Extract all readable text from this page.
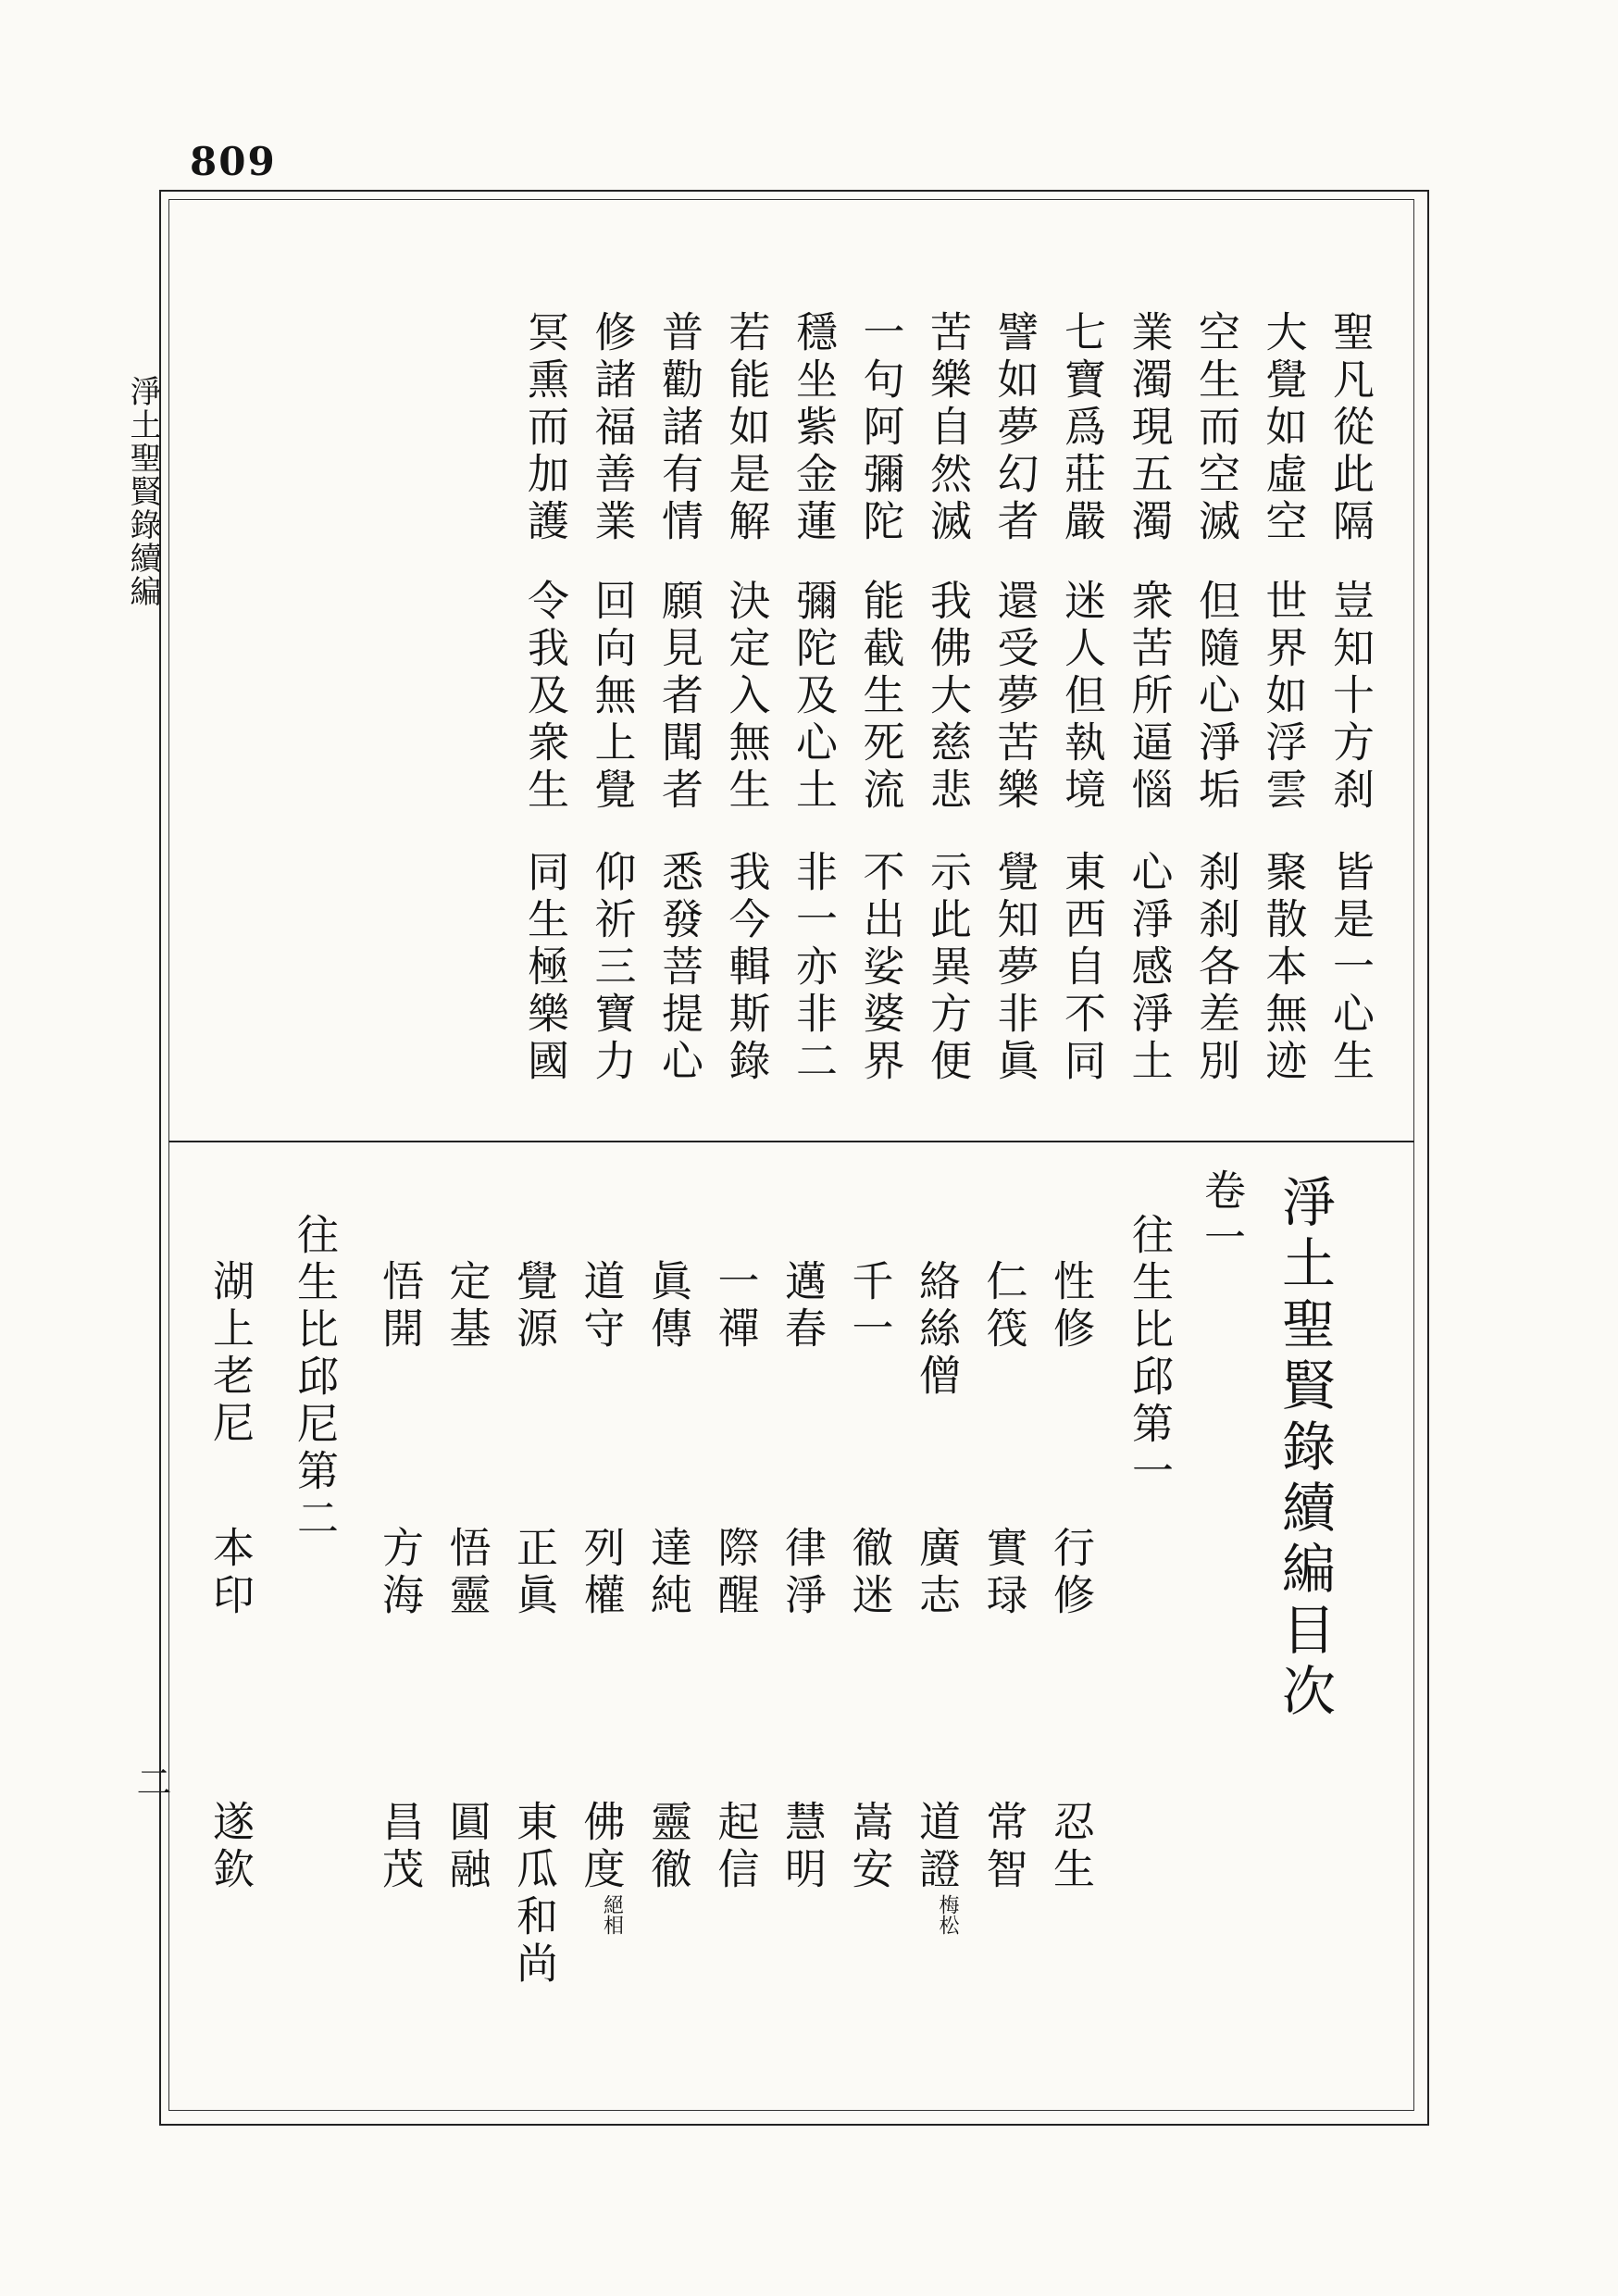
809
淨土聖賢錄續編
二
聖凡從此隔
豈知十方刹
皆是一心生
大覺如虛空
世界如浮雲
聚散本無迹
空生而空滅
但隨心淨垢
刹刹各差別
業濁現五濁
衆苦所逼惱
心淨感淨土
七寶爲莊嚴
迷人但執境
東西自不同
譬如夢幻者
還受夢苦樂
覺知夢非眞
苦樂自然滅
我佛大慈悲
示此異方便
一句阿彌陀
能截生死流
不出娑婆界
穩坐紫金蓮
彌陀及心土
非一亦非二
若能如是解
決定入無生
我今輯斯錄
普勸諸有情
願見者聞者
悉發菩提心
修諸福善業
回向無上覺
仰祈三寶力
冥熏而加護
令我及衆生
同生極樂國
淨土聖賢錄續編目次
卷一
往生比邱第一
往生比邱尼第二	性修
行修
忍生
仁筏
實琭
常智
絡絲僧
廣志
道證梅松
千一
徹迷
嵩安
邁春
律淨
慧明
一禪
際醒
起信
眞傳
達純
靈徹
道守
列權
佛度絕相
覺源
正眞
東瓜和尚
定基
悟靈
圓融
悟開
方海
昌茂
湖上老尼
本印
遂欽
